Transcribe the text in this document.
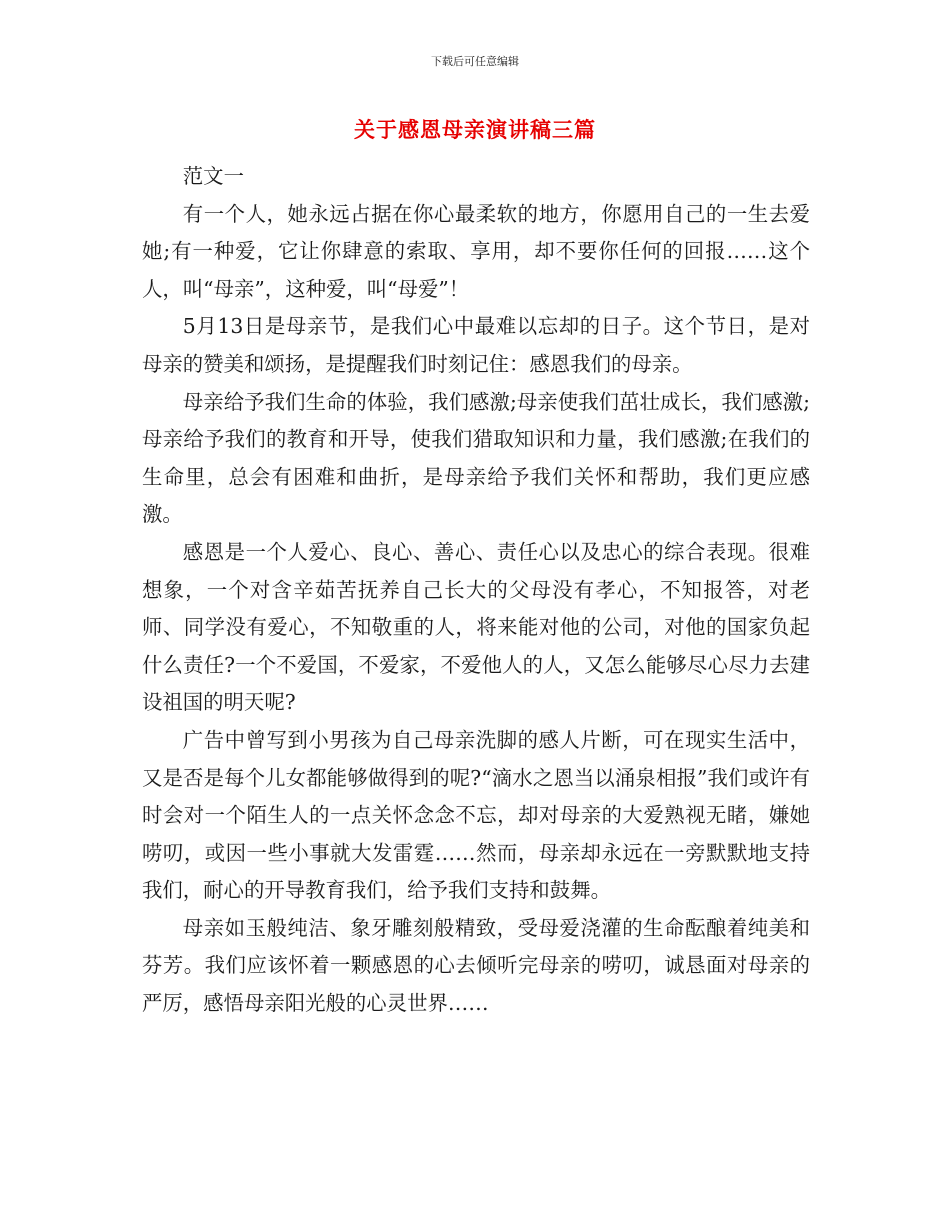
下载后可任意编辑
关于感恩母亲演讲稿三篇

范文一

有一个人，她永远占据在你心最柔软的地方，你愿用自己的一生去爱她;有一种爱，它让你肆意的索取、享用，却不要你任何的回报……这个人，叫“母亲”，这种爱，叫“母爱”！

5月13日是母亲节，是我们心中最难以忘却的日子。这个节日，是对母亲的赞美和颂扬，是提醒我们时刻记住：感恩我们的母亲。

母亲给予我们生命的体验，我们感激;母亲使我们茁壮成长，我们感激;母亲给予我们的教育和开导，使我们猎取知识和力量，我们感激;在我们的生命里，总会有困难和曲折，是母亲给予我们关怀和帮助，我们更应感激。

感恩是一个人爱心、良心、善心、责任心以及忠心的综合表现。很难想象，一个对含辛茹苦抚养自己长大的父母没有孝心，不知报答，对老师、同学没有爱心，不知敬重的人，将来能对他的公司，对他的国家负起什么责任?一个不爱国，不爱家，不爱他人的人，又怎么能够尽心尽力去建设祖国的明天呢?

广告中曾写到小男孩为自己母亲洗脚的感人片断，可在现实生活中，又是否是每个儿女都能够做得到的呢?“滴水之恩当以涌泉相报”我们或许有时会对一个陌生人的一点关怀念念不忘，却对母亲的大爱熟视无睹，嫌她唠叨，或因一些小事就大发雷霆……然而，母亲却永远在一旁默默地支持我们，耐心的开导教育我们，给予我们支持和鼓舞。

母亲如玉般纯洁、象牙雕刻般精致，受母爱浇灌的生命酝酿着纯美和芬芳。我们应该怀着一颗感恩的心去倾听完母亲的唠叨，诚恳面对母亲的严厉，感悟母亲阳光般的心灵世界……
